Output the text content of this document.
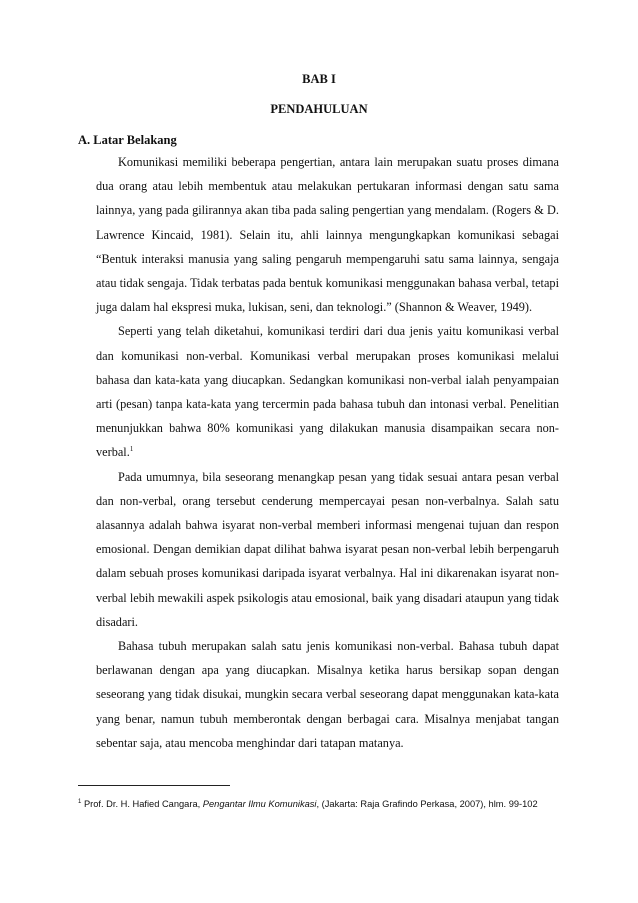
BAB I
PENDAHULUAN
A. Latar Belakang

Komunikasi memiliki beberapa pengertian, antara lain merupakan suatu proses dimana dua orang atau lebih membentuk atau melakukan pertukaran informasi dengan satu sama lainnya, yang pada gilirannya akan tiba pada saling pengertian yang mendalam. (Rogers & D. Lawrence Kincaid, 1981). Selain itu, ahli lainnya mengungkapkan komunikasi sebagai “Bentuk interaksi manusia yang saling pengaruh mempengaruhi satu sama lainnya, sengaja atau tidak sengaja. Tidak terbatas pada bentuk komunikasi menggunakan bahasa verbal, tetapi juga dalam hal ekspresi muka, lukisan, seni, dan teknologi.” (Shannon & Weaver, 1949).

Seperti yang telah diketahui, komunikasi terdiri dari dua jenis yaitu komunikasi verbal dan komunikasi non-verbal. Komunikasi verbal merupakan proses komunikasi melalui bahasa dan kata-kata yang diucapkan. Sedangkan komunikasi non-verbal ialah penyampaian arti (pesan) tanpa kata-kata yang tercermin pada bahasa tubuh dan intonasi verbal. Penelitian menunjukkan bahwa 80% komunikasi yang dilakukan manusia disampaikan secara non-verbal.$^1$

Pada umumnya, bila seseorang menangkap pesan yang tidak sesuai antara pesan verbal dan non-verbal, orang tersebut cenderung mempercayai pesan non-verbalnya. Salah satu alasannya adalah bahwa isyarat non-verbal memberi informasi mengenai tujuan dan respon emosional. Dengan demikian dapat dilihat bahwa isyarat pesan non-verbal lebih berpengaruh dalam sebuah proses komunikasi daripada isyarat verbalnya. Hal ini dikarenakan isyarat non-verbal lebih mewakili aspek psikologis atau emosional, baik yang disadari ataupun yang tidak disadari.

Bahasa tubuh merupakan salah satu jenis komunikasi non-verbal. Bahasa tubuh dapat berlawanan dengan apa yang diucapkan. Misalnya ketika harus bersikap sopan dengan seseorang yang tidak disukai, mungkin secara verbal seseorang dapat menggunakan kata-kata yang benar, namun tubuh memberontak dengan berbagai cara. Misalnya menjabat tangan sebentar saja, atau mencoba menghindar dari tatapan matanya.

$^1$ Prof. Dr. H. Hafied Cangara, Pengantar Ilmu Komunikasi, (Jakarta: Raja Grafindo Perkasa, 2007), hlm. 99-102
